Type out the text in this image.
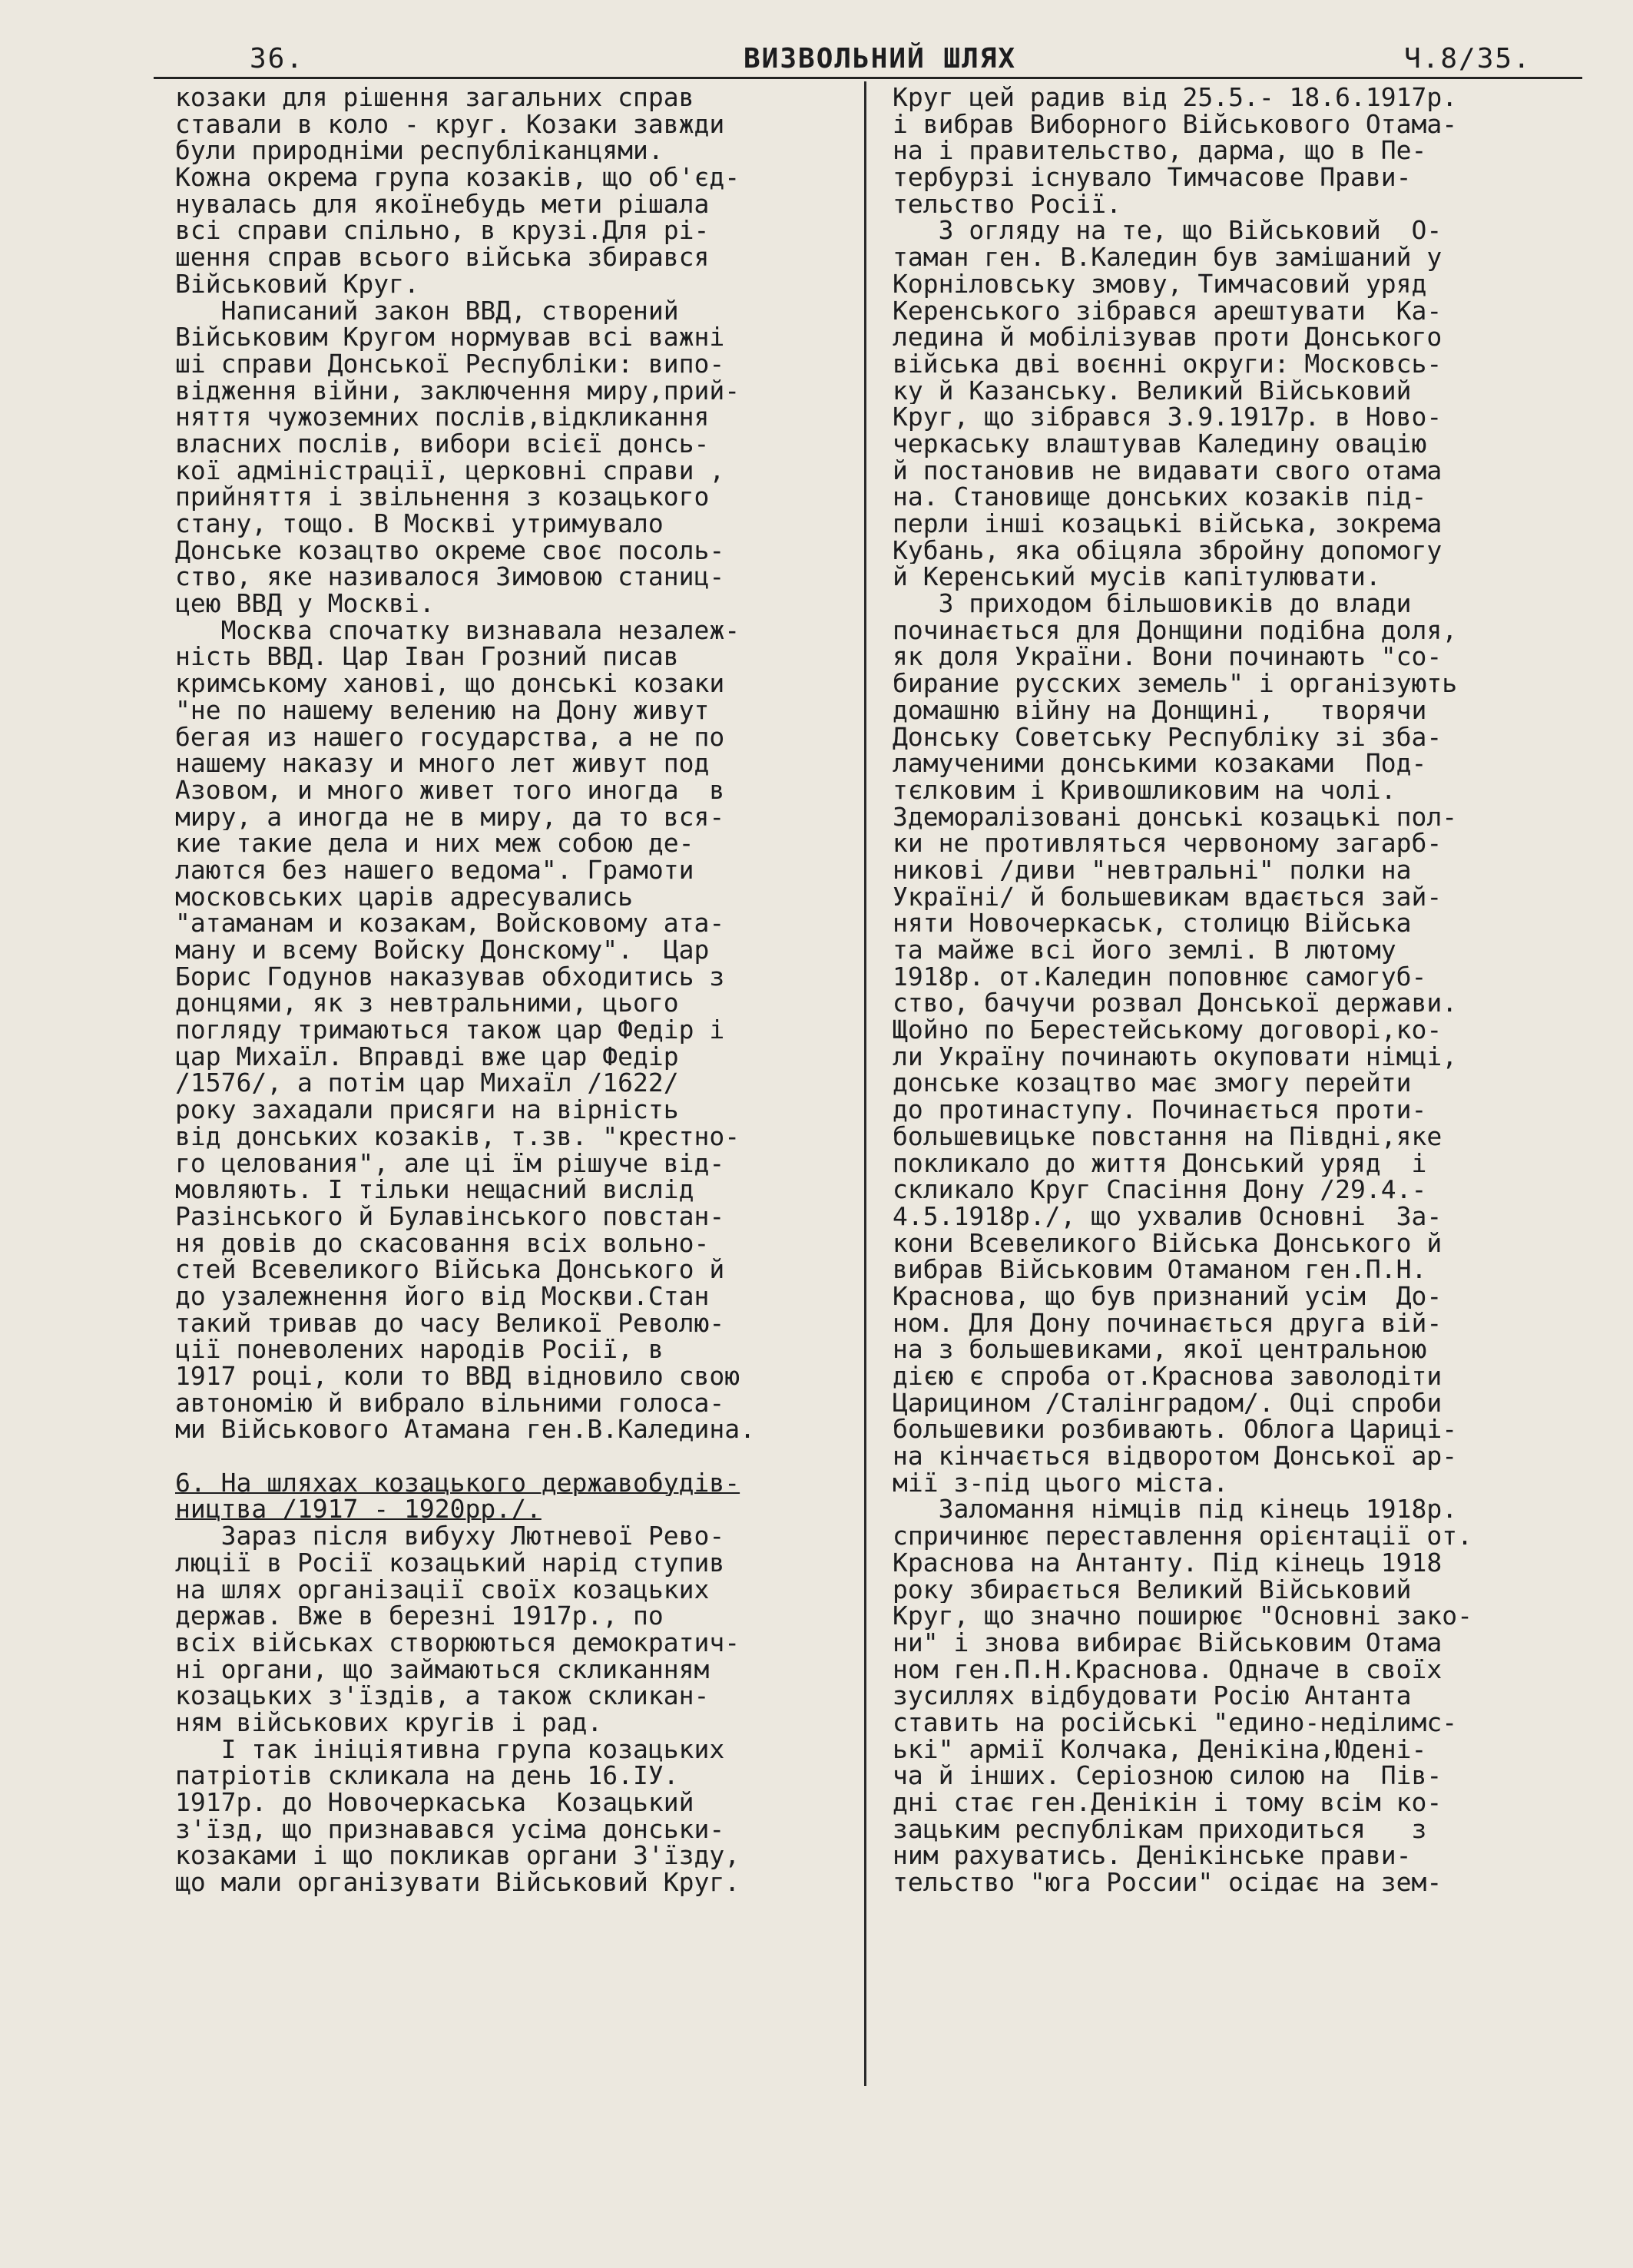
36.	ВИЗВОЛЬНИЙ ШЛЯХ	Ч.8/35.
козаки для рішення загальних справ
ставали в коло - круг. Козаки завжди
були природніми республіканцями.
Кожна окрема група козаків, що об'єд-
нувалась для якоїнебудь мети рішала
всі справи спільно, в крузі.Для рі-
шення справ всього війська збирався
Військовий Круг.
Написаний закон ВВД, створений
Військовим Кругом нормував всі важні
ші справи Донської Республіки: випо-
відження війни, заключення миру,прий-
няття чужоземних послів,відкликання
власних послів, вибори всієї донсь-
кої адміністрації, церковні справи ,
прийняття і звільнення з козацького
стану, тощо. В Москві утримувало
Донське козацтво окреме своє посоль-
ство, яке називалося Зимовою станиц-
цею ВВД у Москві.
Москва спочатку визнавала незалеж-
ність ВВД. Цар Іван Грозний писав
кримському ханові, що донські козаки
"не по нашему велению на Дону живут
бегая из нашего государства, а не по
нашему наказу и много лет живут под
Азовом, и много живет того иногда  в
миру, а иногда не в миру, да то вся-
кие такие дела и них меж собою де-
лаются без нашего ведома". Грамоти
московських царів адресувались
"атаманам и козакам, Войсковому ата-
ману и всему Войску Донскому".  Цар
Борис Годунов наказував обходитись з
донцями, як з невтральними, цього
погляду тримаються також цар Федір і
цар Михаїл. Вправді вже цар Федір
/1576/, а потім цар Михаїл /1622/
року захадали присяги на вірність
від донських козаків, т.зв. "крестно-
го целования", але ці їм рішуче від-
мовляють. І тільки нещасний вислід
Разінського й Булавінського повстан-
ня довів до скасовання всіх вольно-
стей Всевеликого Війська Донського й
до узалежнення його від Москви.Стан
такий тривав до часу Великої Револю-
ції поневолених народів Росії, в
1917 році, коли то ВВД відновило свою
автономію й вибрало вільними голоса-
ми Військового Атамана ген.В.Каледина.
6. На шляхах козацького державобудів-
ництва /1917 - 1920рр./.
Зараз після вибуху Лютневої Рево-
люції в Росії козацький нарід ступив
на шлях організації своїх козацьких
держав. Вже в березні 1917р., по
всіх військах створюються демократич-
ні органи, що займаються скликанням
козацьких з'їздів, а також скликан-
ням військових кругів і рад.
І так ініціятивна група козацьких
патріотів скликала на день 16.IУ.
1917р. до Новочеркаська  Козацький
з'їзд, що признавався усіма донськи-
козаками і що покликав органи З'їзду,
що мали організувати Військовий Круг.
Круг цей радив від 25.5.- 18.6.1917р.
і вибрав Виборного Військового Отама-
на і правительство, дарма, що в Пе-
тербурзі існувало Тимчасове Прави-
тельство Росії.
З огляду на те, що Військовий  О-
таман ген. В.Каледин був замішаний у
Корніловську змову, Тимчасовий уряд
Керенського зібрався арештувати  Ка-
ледина й мобілізував проти Донського
війська дві воєнні округи: Московсь-
ку й Казанську. Великий Військовий
Круг, що зібрався 3.9.1917р. в Ново-
черкаську влаштував Каледину овацію
й постановив не видавати свого отама
на. Становище донських козаків під-
перли інші козацькі війська, зокрема
Кубань, яка обіцяла збройну допомогу
й Керенський мусів капітулювати.
З приходом більшовиків до влади
починається для Донщини подібна доля,
як доля України. Вони починають "со-
бирание русских земель" і організують
домашню війну на Донщині,   творячи
Донську Советську Республіку зі зба-
ламученими донськими козаками  Под-
тєлковим і Кривошликовим на чолі.
Здеморалізовані донські козацькі пол-
ки не противляться червоному загарб-
никові /диви "невтральні" полки на
Україні/ й большевикам вдається зай-
няти Новочеркаськ, столицю Війська
та майже всі його землі. В лютому
1918р. от.Каледин поповнює самогуб-
ство, бачучи розвал Донської держави.
Щойно по Берестейському договорі,ко-
ли Україну починають окуповати німці,
донське козацтво має змогу перейти
до протинаступу. Починається проти-
большевицьке повстання на Півдні,яке
покликало до життя Донський уряд  і
скликало Круг Спасіння Дону /29.4.-
4.5.1918р./, що ухвалив Основні  За-
кони Всевеликого Війська Донського й
вибрав Військовим Отаманом ген.П.Н.
Краснова, що був признаний усім  До-
ном. Для Дону починається друга вій-
на з большевиками, якої центральною
дією є спроба от.Краснова заволодіти
Царицином /Сталінградом/. Оці спроби
большевики розбивають. Облога Цариці-
на кінчається відворотом Донської ар-
мії з-під цього міста.
Заломання німців під кінець 1918р.
спричинює переставлення орієнтації от.
Краснова на Антанту. Під кінець 1918
року збирається Великий Військовий
Круг, що значно поширює "Основні зако-
ни" і знова вибирає Військовим Отама
ном ген.П.Н.Краснова. Одначе в своїх
зусиллях відбудовати Росію Антанта
ставить на російські "едино-неділимс-
ькі" армії Колчака, Денікіна,Юдені-
ча й інших. Серіозною силою на  Пів-
дні стає ген.Денікін і тому всім ко-
зацьким республікам приходиться   з
ним рахуватись. Денікінське прави-
тельство "юга России" осідає на зем-
